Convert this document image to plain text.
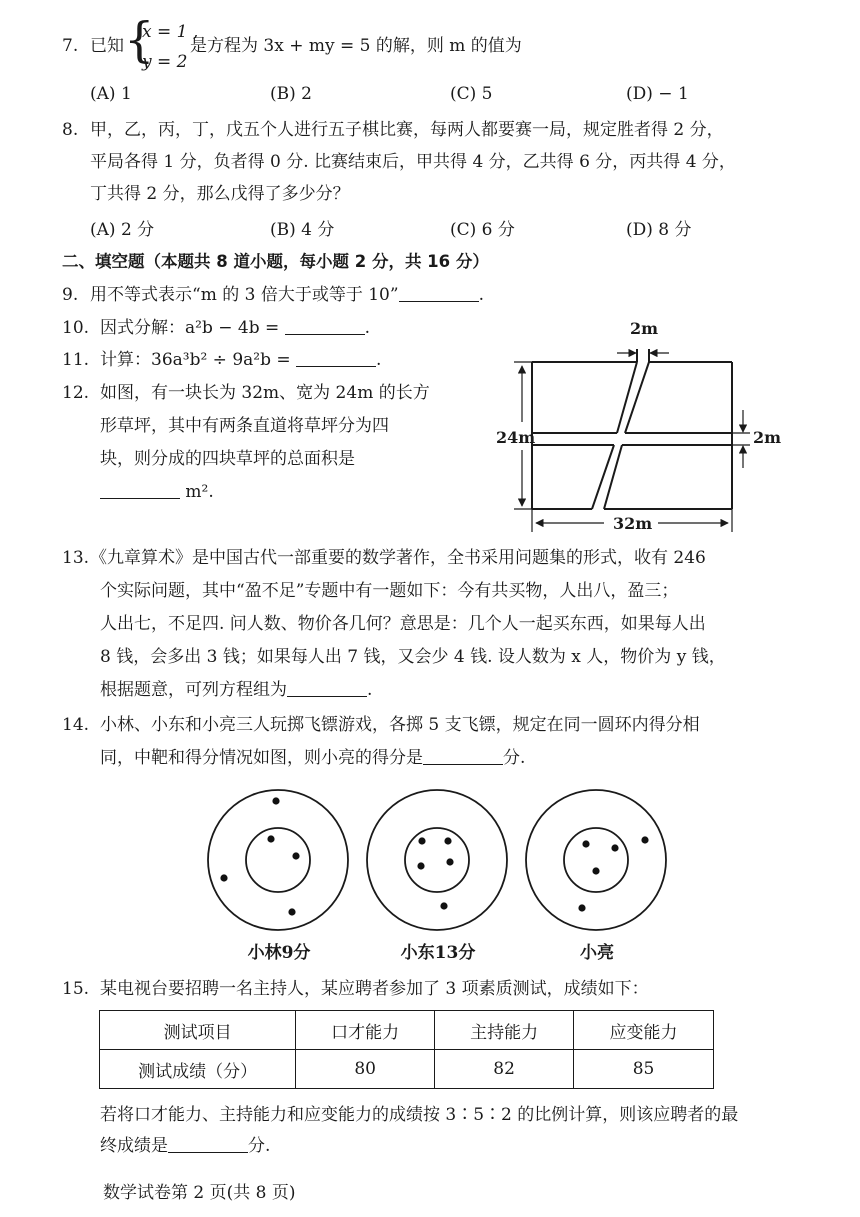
7. 已知 {
x = 1 ,
y = 2
是方程为 3x + my = 5 的解，则 m 的值为
(A) 1	(B) 2	(C) 5	(D) − 1
8. 甲，乙，丙，丁，戊五个人进行五子棋比赛，每两人都要赛一局，规定胜者得 2 分，
平局各得 1 分，负者得 0 分. 比赛结束后，甲共得 4 分，乙共得 6 分，丙共得 4 分，
丁共得 2 分，那么戊得了多少分？
(A) 2 分	(B) 4 分	(C) 6 分	(D) 8 分
二、填空题（本题共 8 道小题，每小题 2 分，共 16 分）
9. 用不等式表示“m 的 3 倍大于或等于 10”	.
10. 因式分解：a²b − 4b =	.
11. 计算：36a³b² ÷ 9a²b =	.
12. 如图，有一块长为 32m、宽为 24m 的长方
形草坪，其中有两条直道将草坪分为四
块，则分成的四块草坪的总面积是
m².
2m
2m
24m
32m
13. 《九章算术》是中国古代一部重要的数学著作，全书采用问题集的形式，收有 246
个实际问题，其中“盈不足”专题中有一题如下：今有共买物，人出八，盈三；
人出七，不足四. 问人数、物价各几何？意思是：几个人一起买东西，如果每人出
8 钱，会多出 3 钱；如果每人出 7 钱，又会少 4 钱. 设人数为 x 人，物价为 y 钱，
根据题意，可列方程组为	.
14. 小林、小东和小亮三人玩掷飞镖游戏，各掷 5 支飞镖，规定在同一圆环内得分相
同，中靶和得分情况如图，则小亮的得分是	分.
小林9分	小东13分	小亮
15. 某电视台要招聘一名主持人，某应聘者参加了 3 项素质测试，成绩如下：
测试项目	口才能力	主持能力	应变能力
测试成绩（分）	80	82	85
若将口才能力、主持能力和应变能力的成绩按 3∶5∶2 的比例计算，则该应聘者的最
终成绩是	分.
数学试卷第 2 页(共 8 页)
